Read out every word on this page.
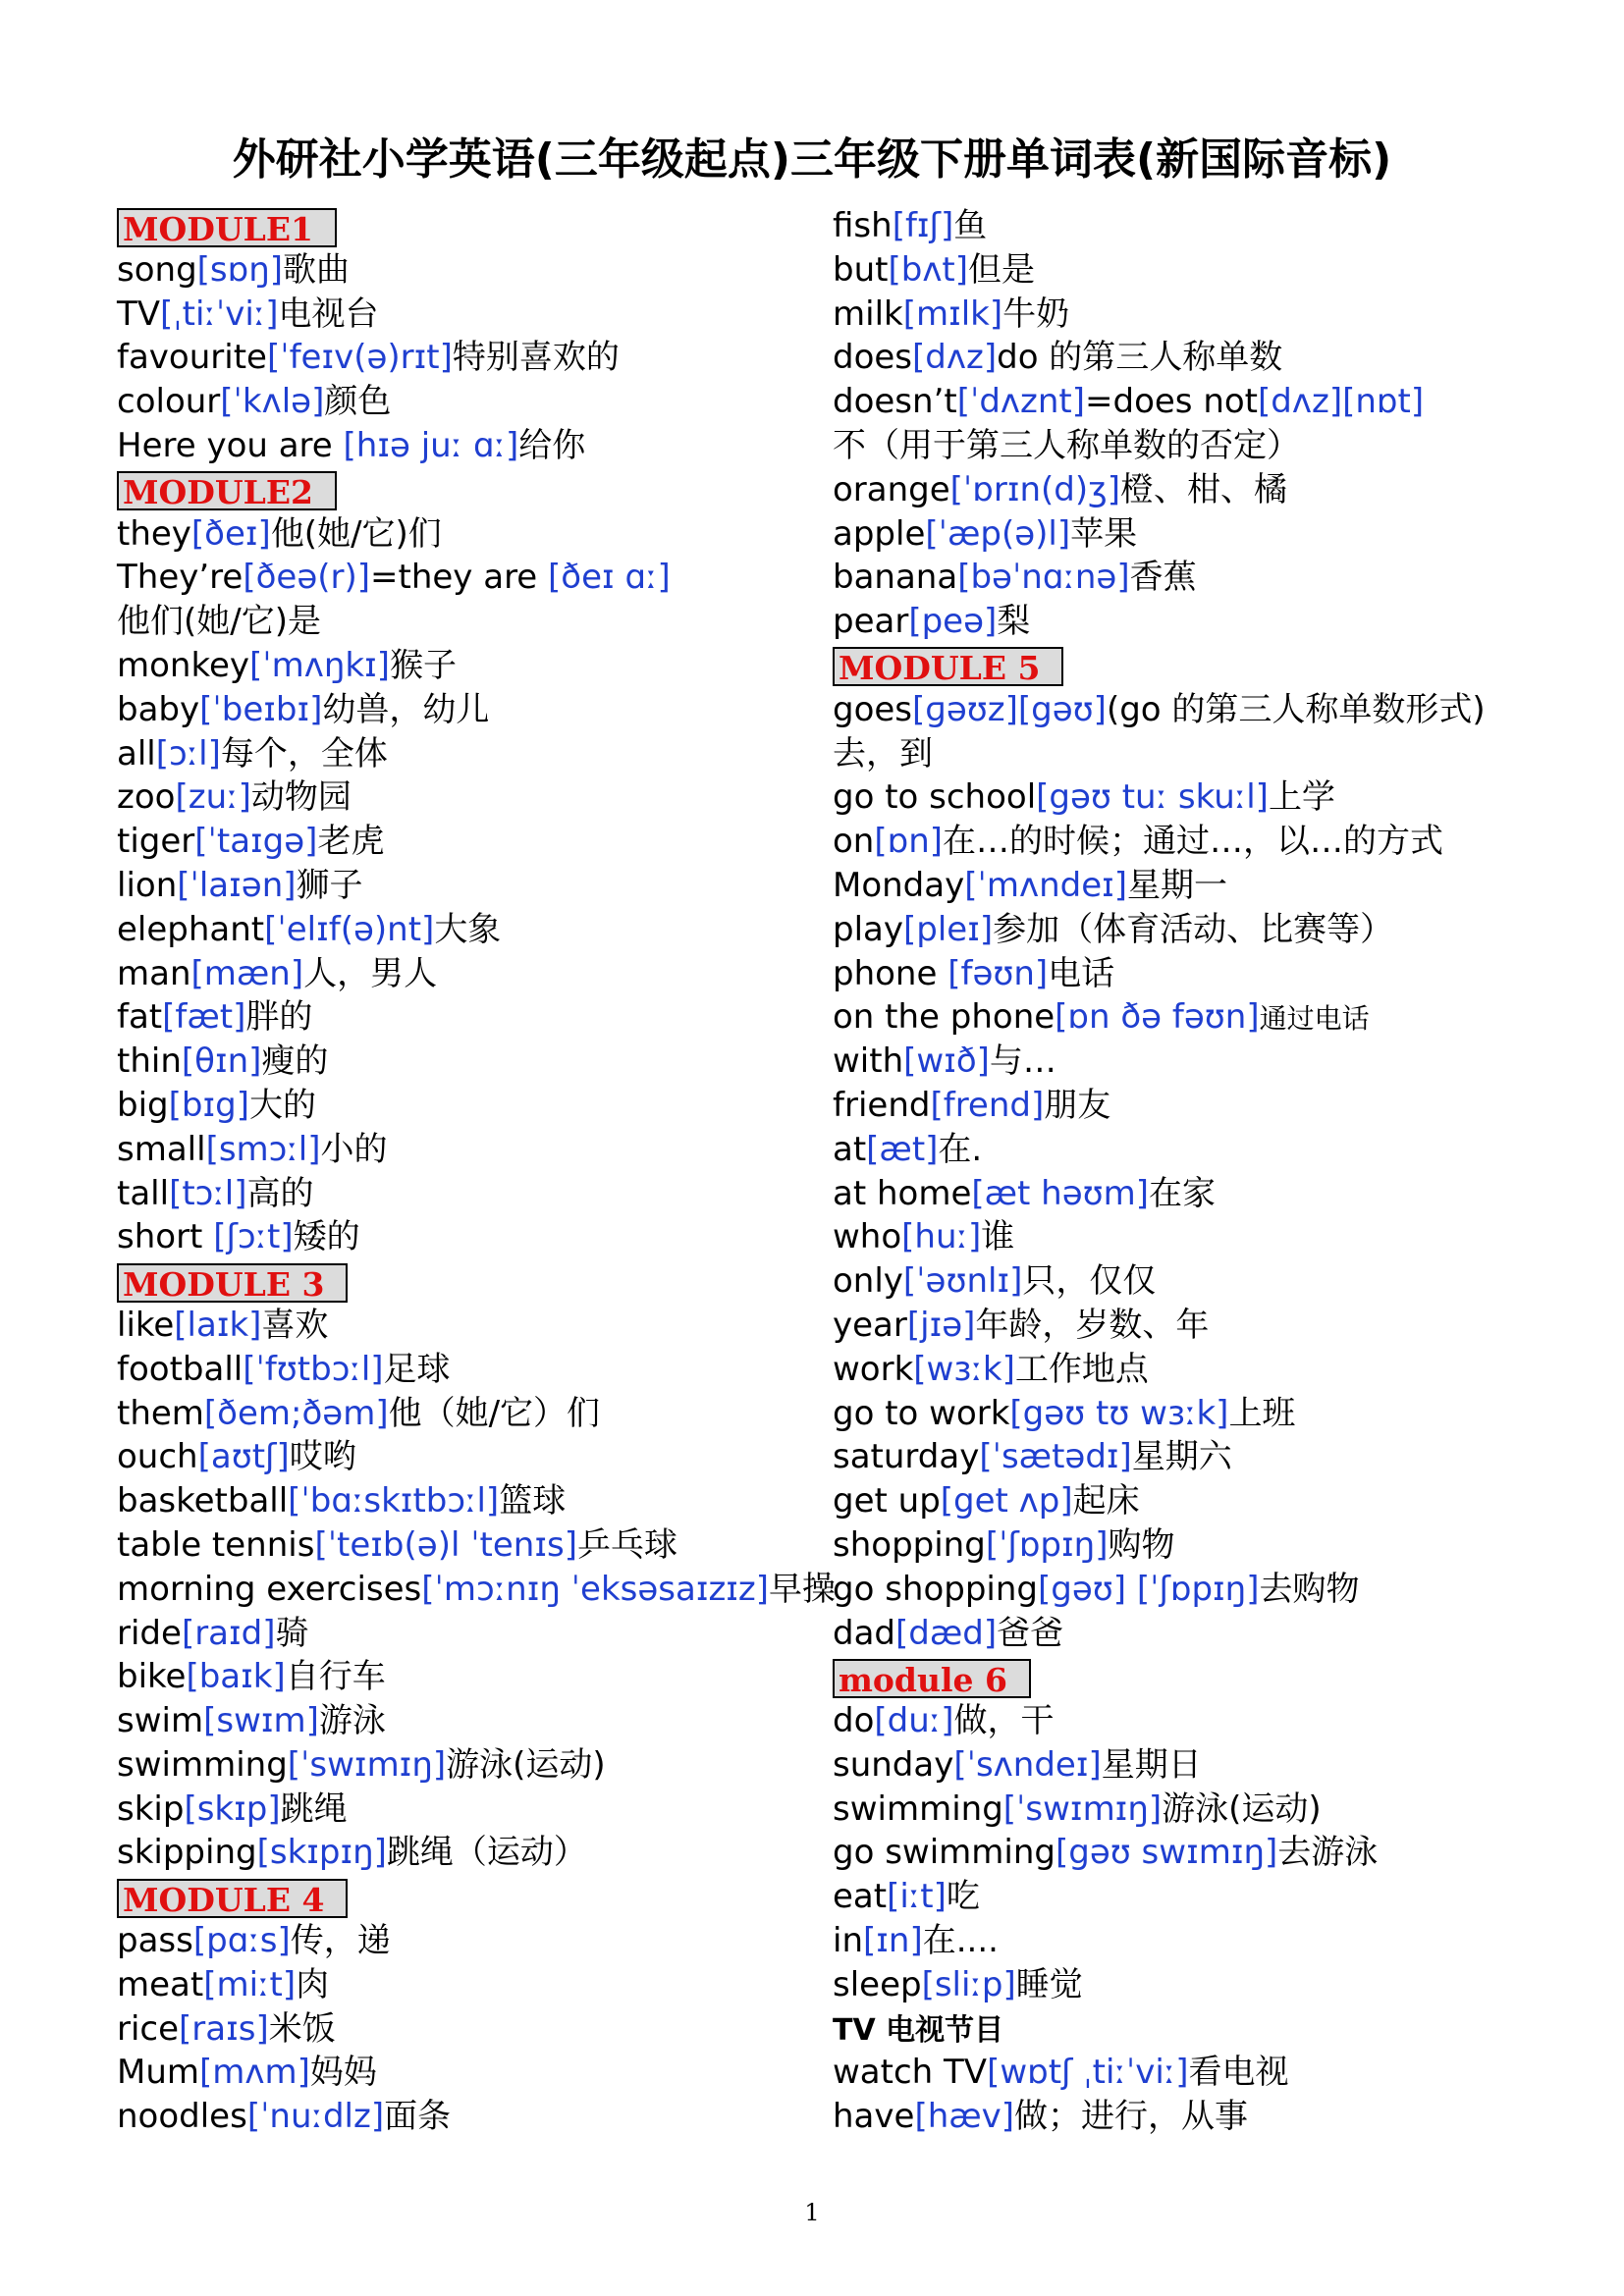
外研社小学英语(三年级起点)三年级下册单词表(新国际音标)
MODULE1
song[sɒŋ]歌曲
TV[ˌtiːˈviː]电视台
favourite[ˈfeɪv(ə)rɪt]特别喜欢的
colour[ˈkʌlə]颜色
Here you are [hɪə juː ɑː]给你
MODULE2
they[ðeɪ]他(她/它)们
They’re[ðeə(r)]=they are [ðeɪ ɑː]
他们(她/它)是
monkey[ˈmʌŋkɪ]猴子
baby[ˈbeɪbɪ]幼兽，幼儿
all[ɔːl]每个，全体
zoo[zuː]动物园
tiger[ˈtaɪgə]老虎
lion[ˈlaɪən]狮子
elephant[ˈelɪf(ə)nt]大象
man[mæn]人，男人
fat[fæt]胖的
thin[θɪn]瘦的
big[bɪg]大的
small[smɔːl]小的
tall[tɔːl]高的
short [ʃɔːt]矮的
MODULE 3
like[laɪk]喜欢
football[ˈfʊtbɔːl]足球
them[ðem;ðəm]他（她/它）们
ouch[aʊtʃ]哎哟
basketball[ˈbɑːskɪtbɔːl]篮球
table tennis[ˈteɪb(ə)l ˈtenɪs]乒乓球
morning exercises[ˈmɔːnɪŋ ˈeksəsaɪzɪz]早操
ride[raɪd]骑
bike[baɪk]自行车
swim[swɪm]游泳
swimming[ˈswɪmɪŋ]游泳(运动)
skip[skɪp]跳绳
skipping[skɪpɪŋ]跳绳（运动）
MODULE 4
pass[pɑːs]传，递
meat[miːt]肉
rice[raɪs]米饭
Mum[mʌm]妈妈
noodles[ˈnuːdlz]面条
fish[fɪʃ]鱼
but[bʌt]但是
milk[mɪlk]牛奶
does[dʌz]do 的第三人称单数
doesn’t[ˈdʌznt]=does not[dʌz][nɒt]
不（用于第三人称单数的否定）
orange[ˈɒrɪn(d)ʒ]橙、柑、橘
apple[ˈæp(ə)l]苹果
banana[bəˈnɑːnə]香蕉
pear[peə]梨
MODULE 5
goes[ɡəʊz][gəʊ](go 的第三人称单数形式)
去，到
go to school[gəʊ tuː skuːl]上学
on[ɒn]在…的时候；通过…，以…的方式
Monday[ˈmʌndeɪ]星期一
play[pleɪ]参加（体育活动、比赛等）
phone [fəʊn]电话
on the phone[ɒn ðə fəʊn]通过电话
with[wɪð]与…
friend[frend]朋友
at[æt]在.
at home[æt həʊm]在家
who[huː]谁
only[ˈəʊnlɪ]只，仅仅
year[jɪə]年龄，岁数、年
work[wɜːk]工作地点
go to work[gəʊ tʊ wɜːk]上班
saturday[ˈsætədɪ]星期六
get up[get ʌp]起床
shopping[ˈʃɒpɪŋ]购物
go shopping[gəʊ] [ˈʃɒpɪŋ]去购物
dad[dæd]爸爸
module 6
do[duː]做，干
sunday[ˈsʌndeɪ]星期日
swimming[ˈswɪmɪŋ]游泳(运动)
go swimming[gəʊ swɪmɪŋ]去游泳
eat[iːt]吃
in[ɪn]在....
sleep[sliːp]睡觉
TV 电视节目
watch TV[wɒtʃ ˌtiːˈviː]看电视
have[hæv]做；进行，从事
1
